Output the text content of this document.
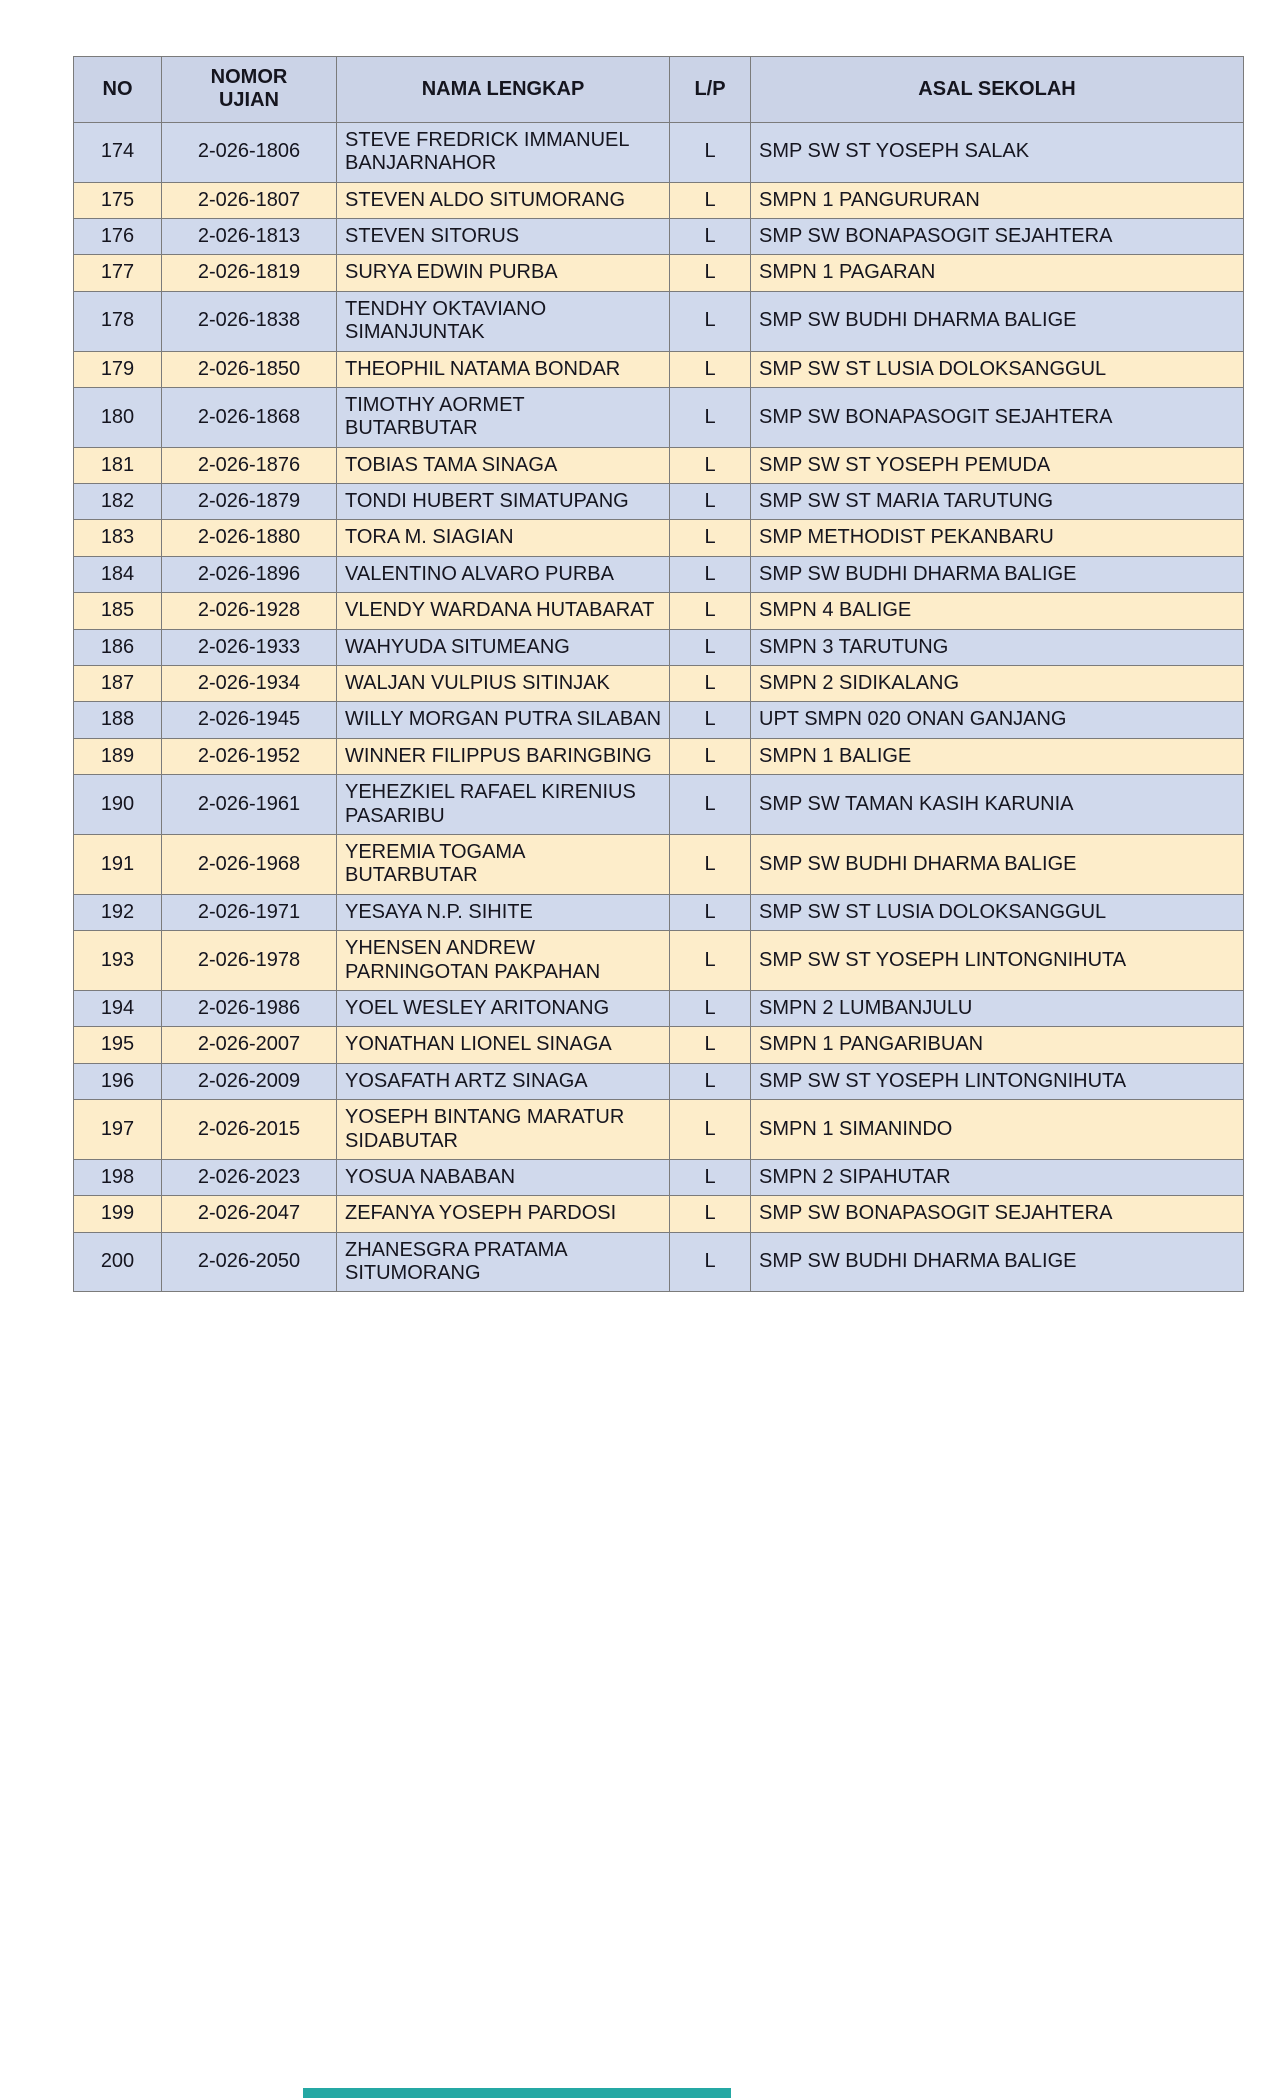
NO	NOMOR UJIAN	NAMA LENGKAP	L/P	ASAL SEKOLAH
174	2-026-1806	STEVE FREDRICK IMMANUEL BANJARNAHOR	L	SMP SW ST YOSEPH SALAK
175	2-026-1807	STEVEN ALDO SITUMORANG	L	SMPN 1 PANGURURAN
176	2-026-1813	STEVEN SITORUS	L	SMP SW BONAPASOGIT SEJAHTERA
177	2-026-1819	SURYA EDWIN PURBA	L	SMPN 1 PAGARAN
178	2-026-1838	TENDHY OKTAVIANO SIMANJUNTAK	L	SMP SW BUDHI DHARMA BALIGE
179	2-026-1850	THEOPHIL NATAMA BONDAR	L	SMP SW ST LUSIA DOLOKSANGGUL
180	2-026-1868	TIMOTHY AORMET BUTARBUTAR	L	SMP SW BONAPASOGIT SEJAHTERA
181	2-026-1876	TOBIAS TAMA SINAGA	L	SMP SW ST YOSEPH PEMUDA
182	2-026-1879	TONDI HUBERT SIMATUPANG	L	SMP SW ST MARIA TARUTUNG
183	2-026-1880	TORA M. SIAGIAN	L	SMP METHODIST PEKANBARU
184	2-026-1896	VALENTINO ALVARO PURBA	L	SMP SW BUDHI DHARMA BALIGE
185	2-026-1928	VLENDY WARDANA HUTABARAT	L	SMPN 4 BALIGE
186	2-026-1933	WAHYUDA SITUMEANG	L	SMPN 3 TARUTUNG
187	2-026-1934	WALJAN VULPIUS SITINJAK	L	SMPN 2 SIDIKALANG
188	2-026-1945	WILLY MORGAN PUTRA SILABAN	L	UPT SMPN 020 ONAN GANJANG
189	2-026-1952	WINNER FILIPPUS BARINGBING	L	SMPN 1 BALIGE
190	2-026-1961	YEHEZKIEL RAFAEL KIRENIUS PASARIBU	L	SMP SW TAMAN KASIH KARUNIA
191	2-026-1968	YEREMIA TOGAMA BUTARBUTAR	L	SMP SW BUDHI DHARMA BALIGE
192	2-026-1971	YESAYA N.P. SIHITE	L	SMP SW ST LUSIA DOLOKSANGGUL
193	2-026-1978	YHENSEN ANDREW PARNINGOTAN PAKPAHAN	L	SMP SW ST YOSEPH LINTONGNIHUTA
194	2-026-1986	YOEL WESLEY ARITONANG	L	SMPN 2 LUMBANJULU
195	2-026-2007	YONATHAN LIONEL SINAGA	L	SMPN 1 PANGARIBUAN
196	2-026-2009	YOSAFATH ARTZ SINAGA	L	SMP SW ST YOSEPH LINTONGNIHUTA
197	2-026-2015	YOSEPH BINTANG MARATUR SIDABUTAR	L	SMPN 1 SIMANINDO
198	2-026-2023	YOSUA NABABAN	L	SMPN 2 SIPAHUTAR
199	2-026-2047	ZEFANYA YOSEPH PARDOSI	L	SMP SW BONAPASOGIT SEJAHTERA
200	2-026-2050	ZHANESGRA PRATAMA SITUMORANG	L	SMP SW BUDHI DHARMA BALIGE
